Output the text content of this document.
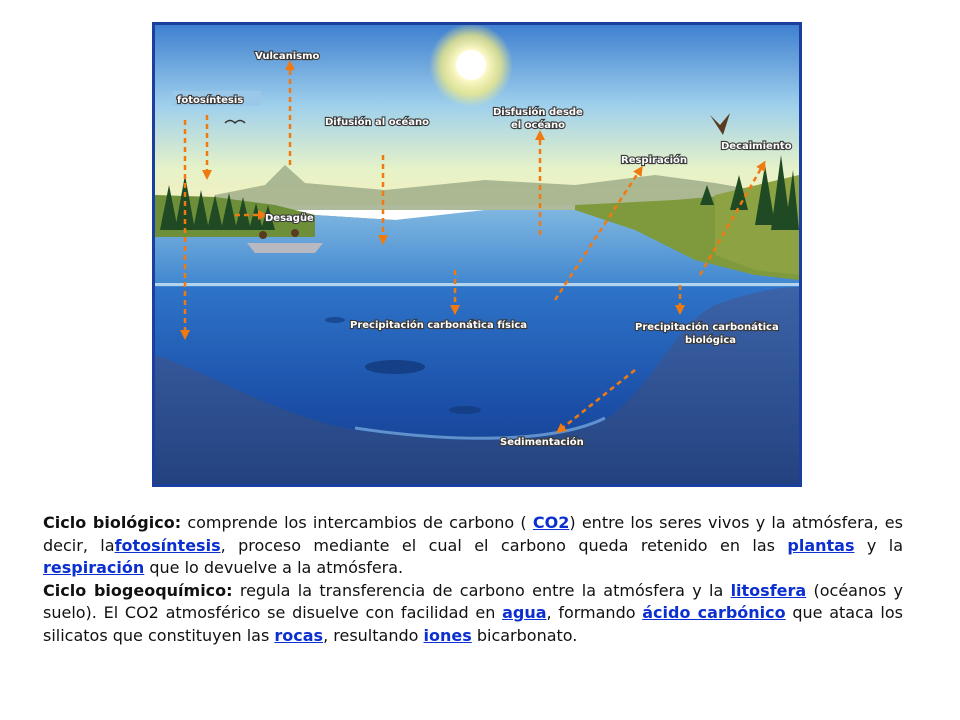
Vulcanismo
fotosíntesis
Difusión al océano
Disfusión desde
el océano
Respiración
Decaimiento
Desagüe
Precipitación carbonática física	Precipitación carbonática
biológica
Sedimentación

Ciclo biológico: comprende los intercambios de carbono ( CO2) entre los seres vivos y la atmósfera, es decir, lafotosíntesis, proceso mediante el cual el carbono queda retenido en las plantas y la respiración que lo devuelve a la atmósfera.

Ciclo biogeoquímico: regula la transferencia de carbono entre la atmósfera y la litosfera (océanos y suelo). El CO2 atmosférico se disuelve con facilidad en agua, formando ácido carbónico que ataca los silicatos que constituyen las rocas, resultando iones bicarbonato.
